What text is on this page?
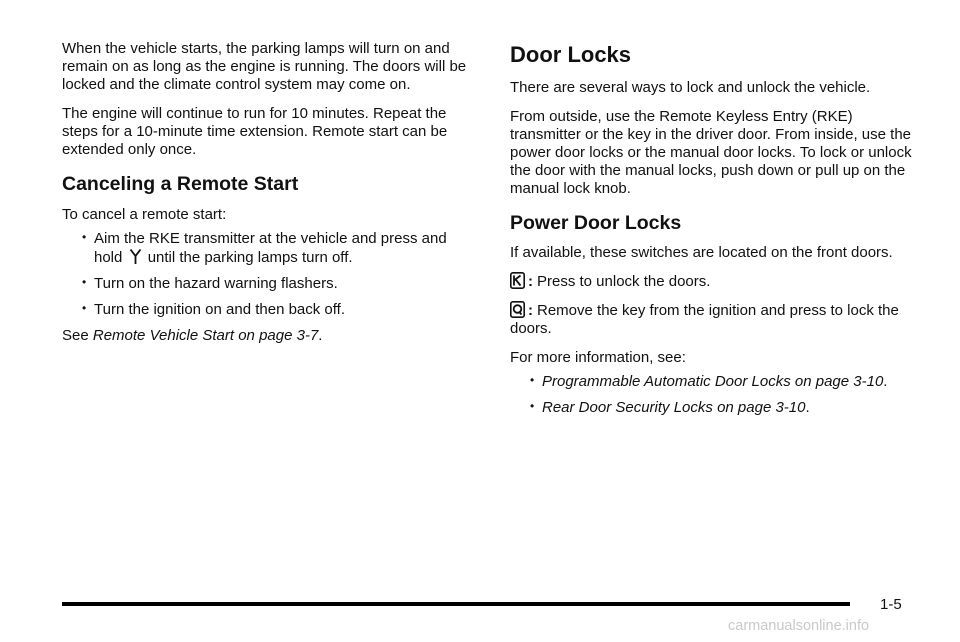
When the vehicle starts, the parking lamps will turn on and remain on as long as the engine is running. The doors will be locked and the climate control system may come on.

The engine will continue to run for 10 minutes. Repeat the steps for a 10-minute time extension. Remote start can be extended only once.

Canceling a Remote Start

To cancel a remote start:

• Aim the RKE transmitter at the vehicle and press and hold until the parking lamps turn off.
• Turn on the hazard warning flashers.
• Turn the ignition on and then back off.

See Remote Vehicle Start on page 3-7.

Door Locks

There are several ways to lock and unlock the vehicle.

From outside, use the Remote Keyless Entry (RKE) transmitter or the key in the driver door. From inside, use the power door locks or the manual door locks. To lock or unlock the door with the manual locks, push down or pull up on the manual lock knob.

Power Door Locks

If available, these switches are located on the front doors.

: Press to unlock the doors.

: Remove the key from the ignition and press to lock the doors.

For more information, see:

• Programmable Automatic Door Locks on page 3-10.
• Rear Door Security Locks on page 3-10.
1-5
carmanualsonline.info
